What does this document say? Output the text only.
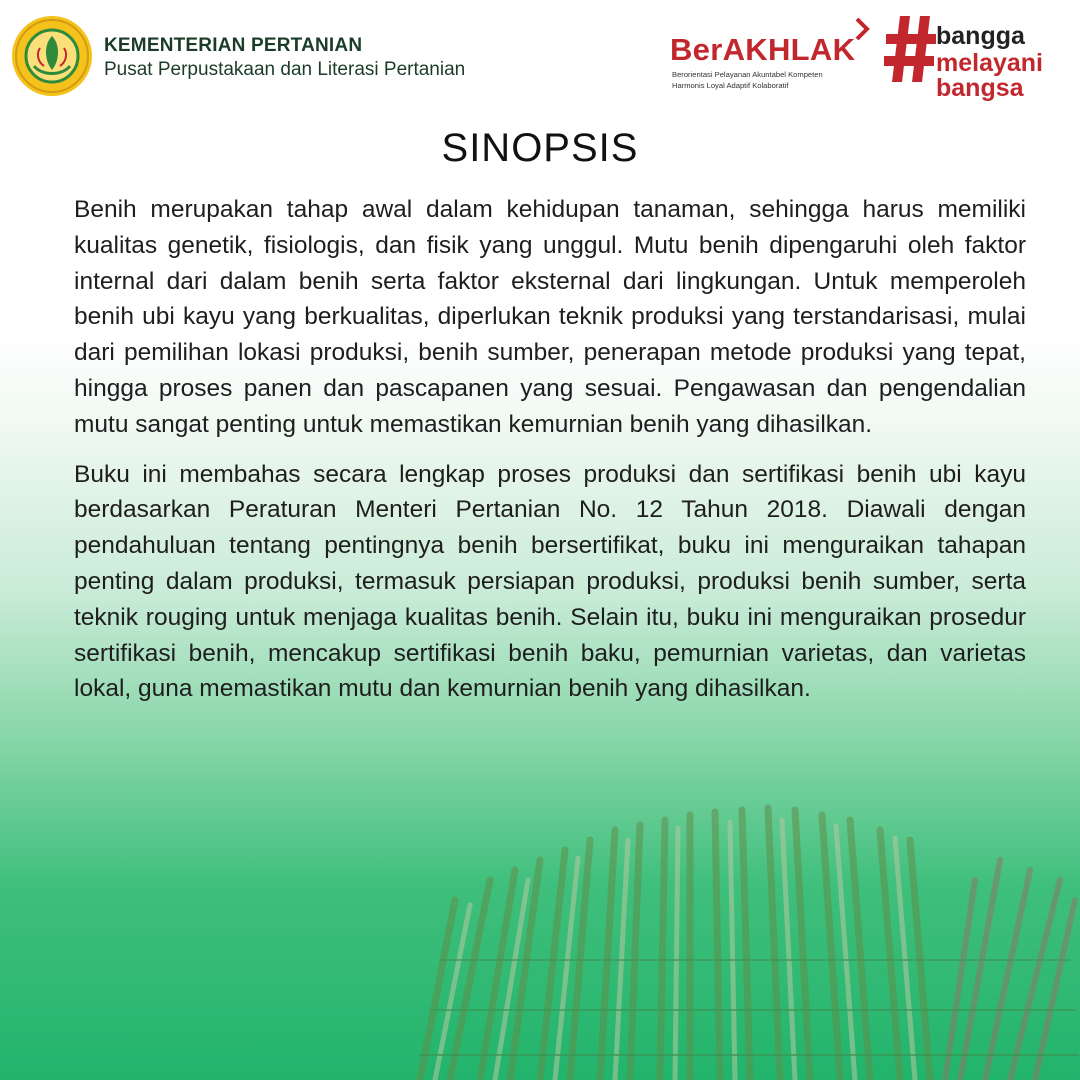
KEMENTERIAN PERTANIAN
Pusat Perpustakaan dan Literasi Pertanian
BerAKHLAK
Berorientasi Pelayanan Akuntabel Kompeten
Harmonis Loyal Adaptif Kolaboratif
bangga
melayani
bangsa
SINOPSIS

Benih merupakan tahap awal dalam kehidupan tanaman, sehingga harus memiliki kualitas genetik, fisiologis, dan fisik yang unggul. Mutu benih dipengaruhi oleh faktor internal dari dalam benih serta faktor eksternal dari lingkungan. Untuk memperoleh benih ubi kayu yang berkualitas, diperlukan teknik produksi yang terstandarisasi, mulai dari pemilihan lokasi produksi, benih sumber, penerapan metode produksi yang tepat, hingga proses panen dan pascapanen yang sesuai. Pengawasan dan pengendalian mutu sangat penting untuk memastikan kemurnian benih yang dihasilkan.

Buku ini membahas secara lengkap proses produksi dan sertifikasi benih ubi kayu berdasarkan Peraturan Menteri Pertanian No. 12 Tahun 2018. Diawali dengan pendahuluan tentang pentingnya benih bersertifikat, buku ini menguraikan tahapan penting dalam produksi, termasuk persiapan produksi, produksi benih sumber, serta teknik rouging untuk menjaga kualitas benih. Selain itu, buku ini menguraikan prosedur sertifikasi benih, mencakup sertifikasi benih baku, pemurnian varietas, dan varietas lokal, guna memastikan mutu dan kemurnian benih yang dihasilkan.
